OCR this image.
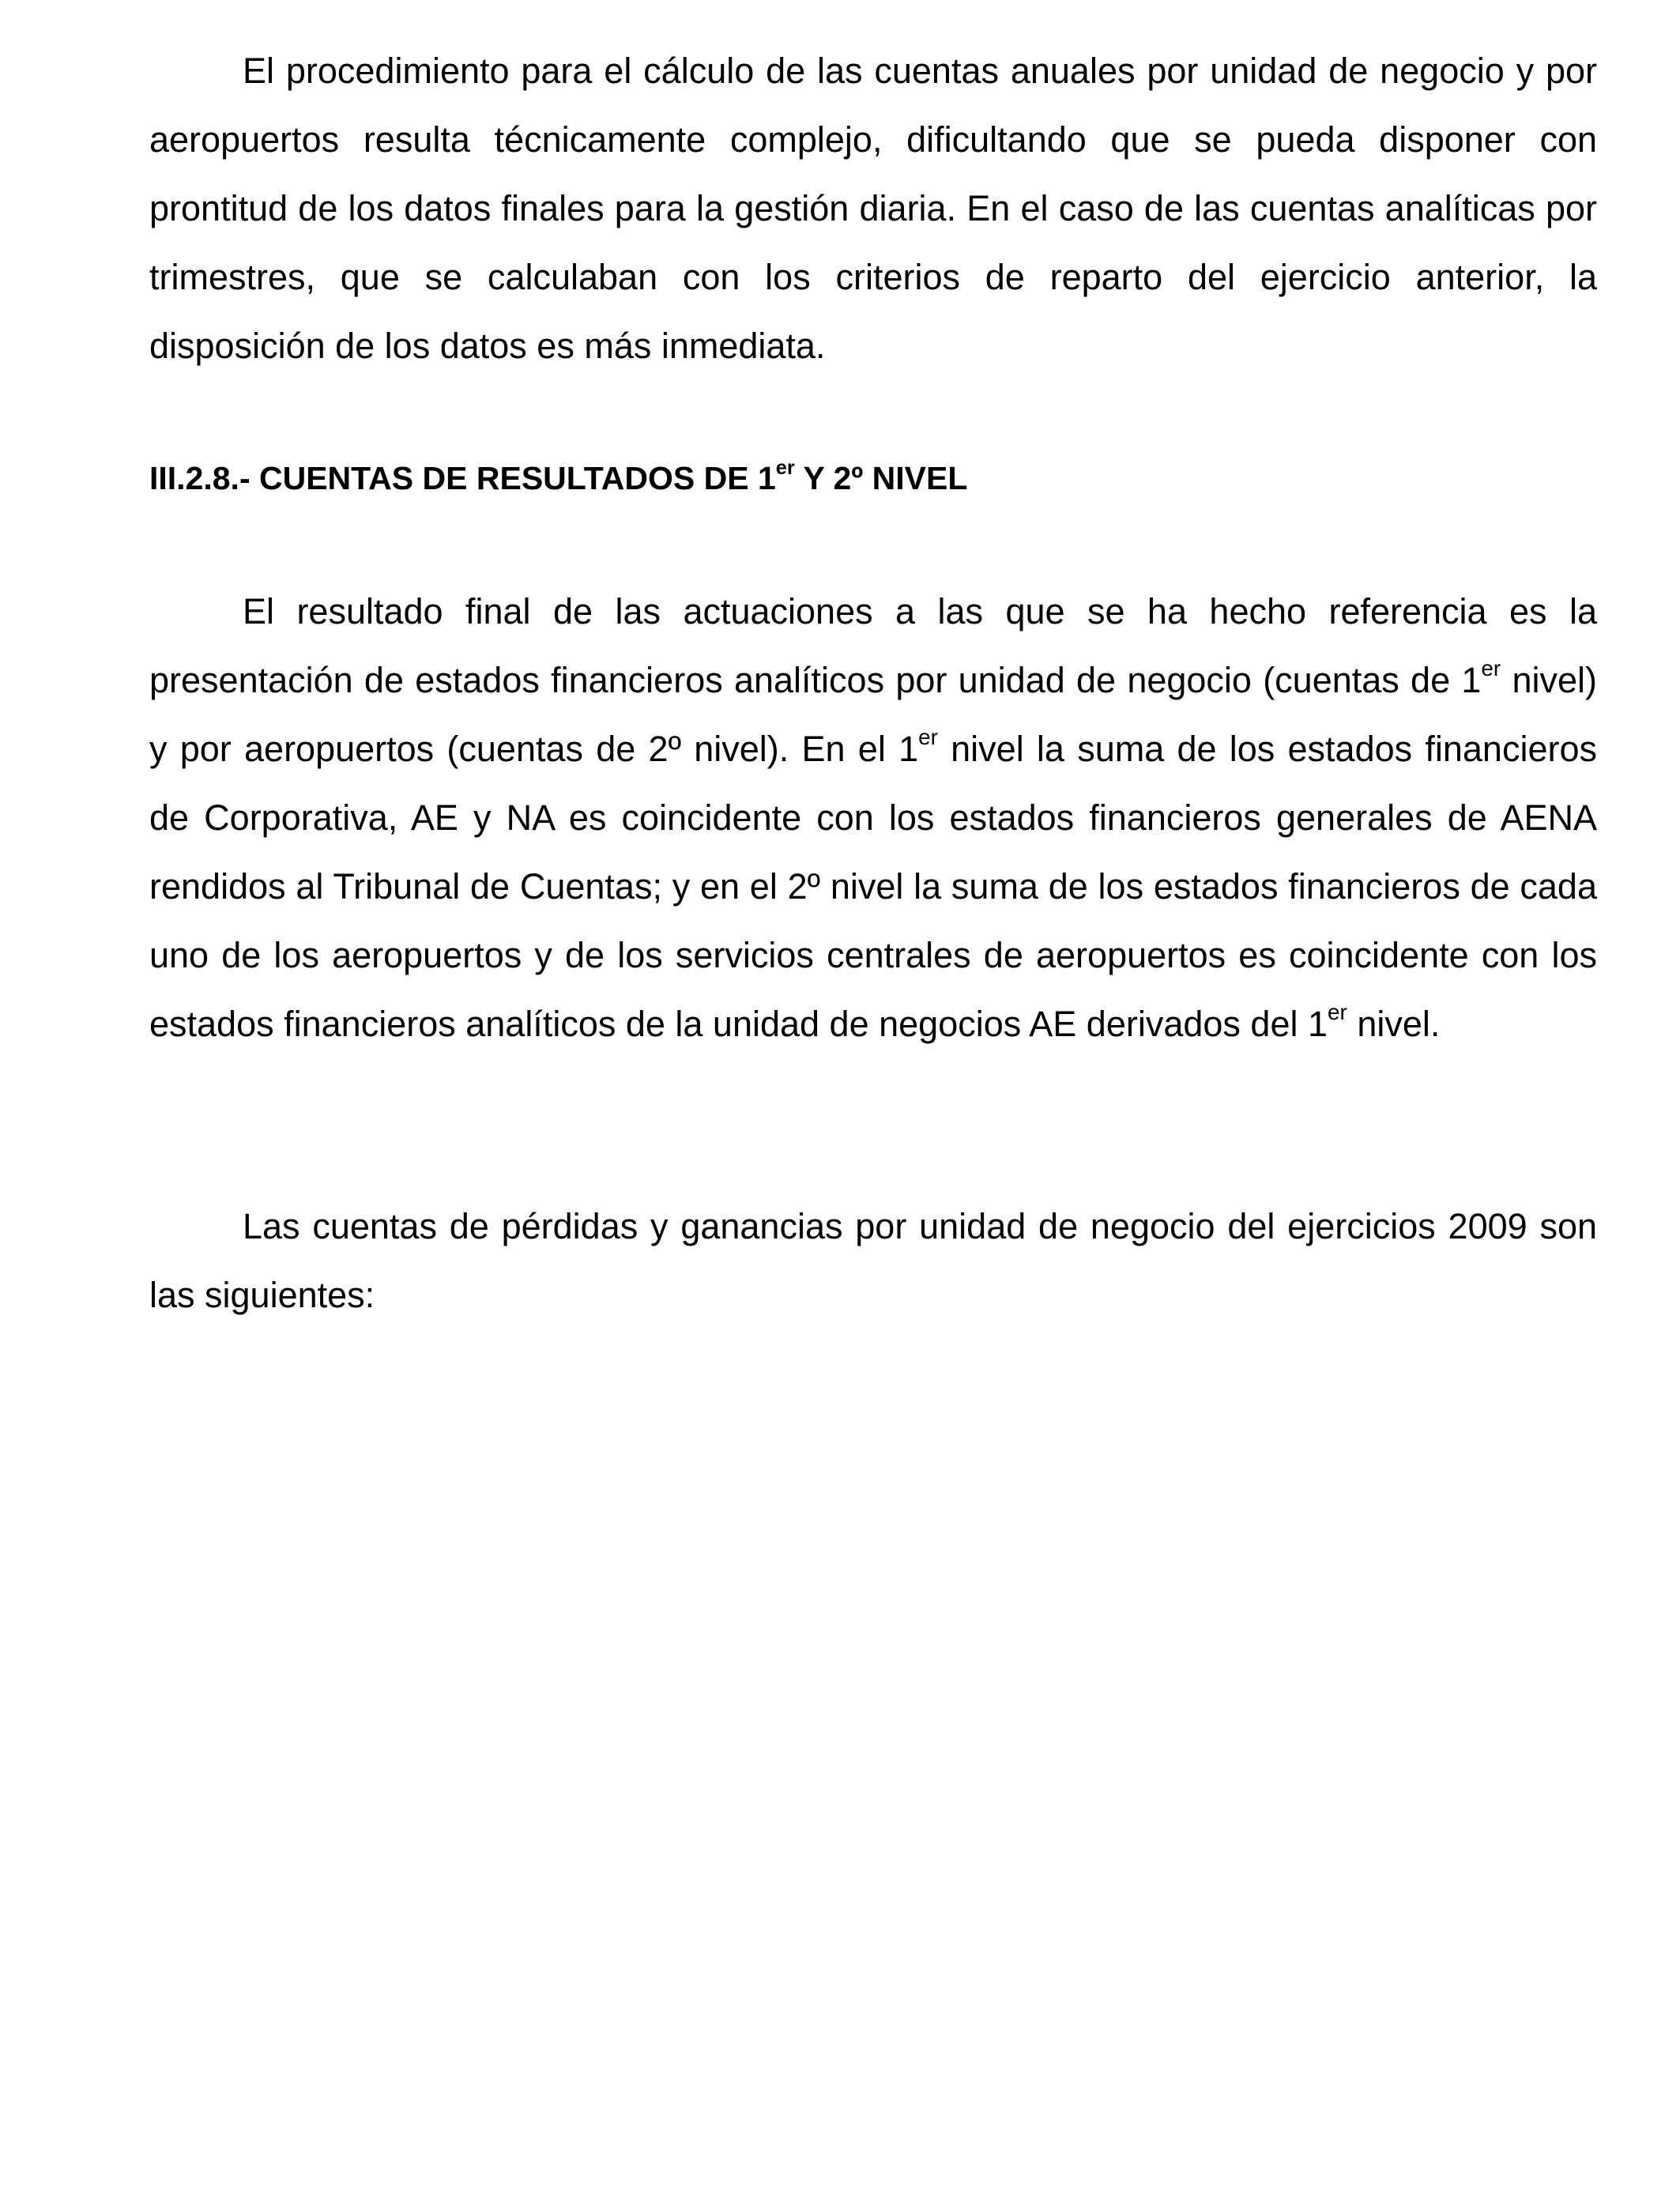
El procedimiento para el cálculo de las cuentas anuales por unidad de negocio y por aeropuertos resulta técnicamente complejo, dificultando que se pueda disponer con prontitud de los datos finales para la gestión diaria. En el caso de las cuentas analíticas por trimestres, que se calculaban con los criterios de reparto del ejercicio anterior, la disposición de los datos es más inmediata.

III.2.8.- CUENTAS DE RESULTADOS DE 1er Y 2º NIVEL

El resultado final de las actuaciones a las que se ha hecho referencia es la presentación de estados financieros analíticos por unidad de negocio (cuentas de 1er nivel) y por aeropuertos (cuentas de 2º nivel). En el 1er nivel la suma de los estados financieros de Corporativa, AE y NA es coincidente con los estados financieros generales de AENA rendidos al Tribunal de Cuentas; y en el 2º nivel la suma de los estados financieros de cada uno de los aeropuertos y de los servicios centrales de aeropuertos es coincidente con los estados financieros analíticos de la unidad de negocios AE derivados del 1er nivel.

Las cuentas de pérdidas y ganancias por unidad de negocio del ejercicios 2009 son las siguientes:
